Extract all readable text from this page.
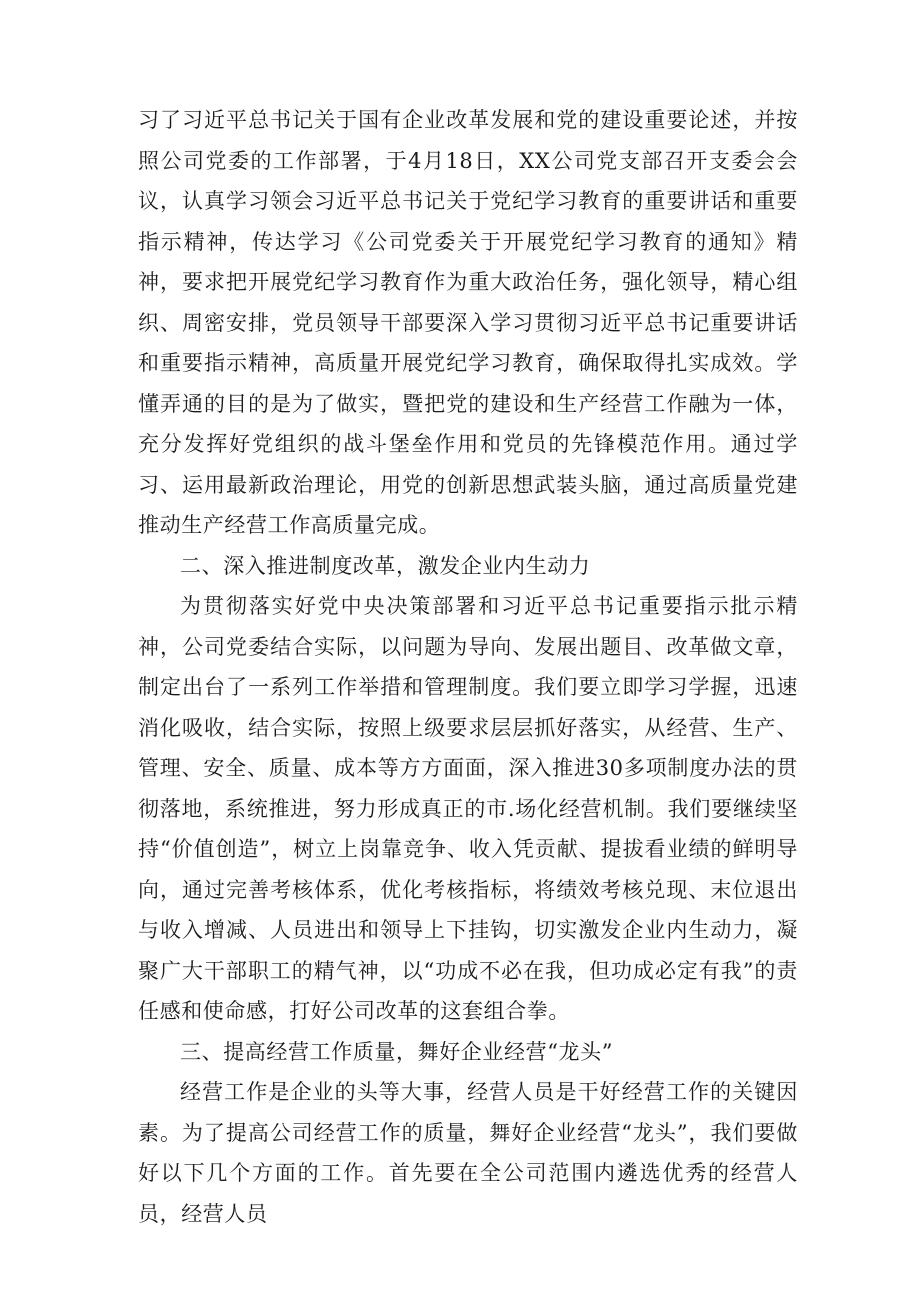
习了习近平总书记关于国有企业改革发展和党的建设重要论述，并按照公司党委的工作部署，于4月18日，XX公司党支部召开支委会会议，认真学习领会习近平总书记关于党纪学习教育的重要讲话和重要指示精神，传达学习《公司党委关于开展党纪学习教育的通知》精神，要求把开展党纪学习教育作为重大政治任务，强化领导，精心组织、周密安排，党员领导干部要深入学习贯彻习近平总书记重要讲话和重要指示精神，高质量开展党纪学习教育，确保取得扎实成效。学懂弄通的目的是为了做实，暨把党的建设和生产经营工作融为一体，充分发挥好党组织的战斗堡垒作用和党员的先锋模范作用。通过学习、运用最新政治理论，用党的创新思想武装头脑，通过高质量党建推动生产经营工作高质量完成。

二、深入推进制度改革，激发企业内生动力

为贯彻落实好党中央决策部署和习近平总书记重要指示批示精神，公司党委结合实际，以问题为导向、发展出题目、改革做文章，制定出台了一系列工作举措和管理制度。我们要立即学习学握，迅速消化吸收，结合实际，按照上级要求层层抓好落实，从经营、生产、管理、安全、质量、成本等方方面面，深入推进30多项制度办法的贯彻落地，系统推进，努力形成真正的市.场化经营机制。我们要继续坚持“价值创造”，树立上岗靠竞争、收入凭贡献、提拔看业绩的鲜明导向，通过完善考核体系，优化考核指标，将绩效考核兑现、末位退出与收入增减、人员进出和领导上下挂钩，切实激发企业内生动力，凝聚广大干部职工的精气神，以“功成不必在我，但功成必定有我”的责任感和使命感，打好公司改革的这套组合拳。

三、提高经营工作质量，舞好企业经营“龙头”

经营工作是企业的头等大事，经营人员是干好经营工作的关键因素。为了提高公司经营工作的质量，舞好企业经营“龙头”，我们要做好以下几个方面的工作。首先要在全公司范围内遴选优秀的经营人员，经营人员
